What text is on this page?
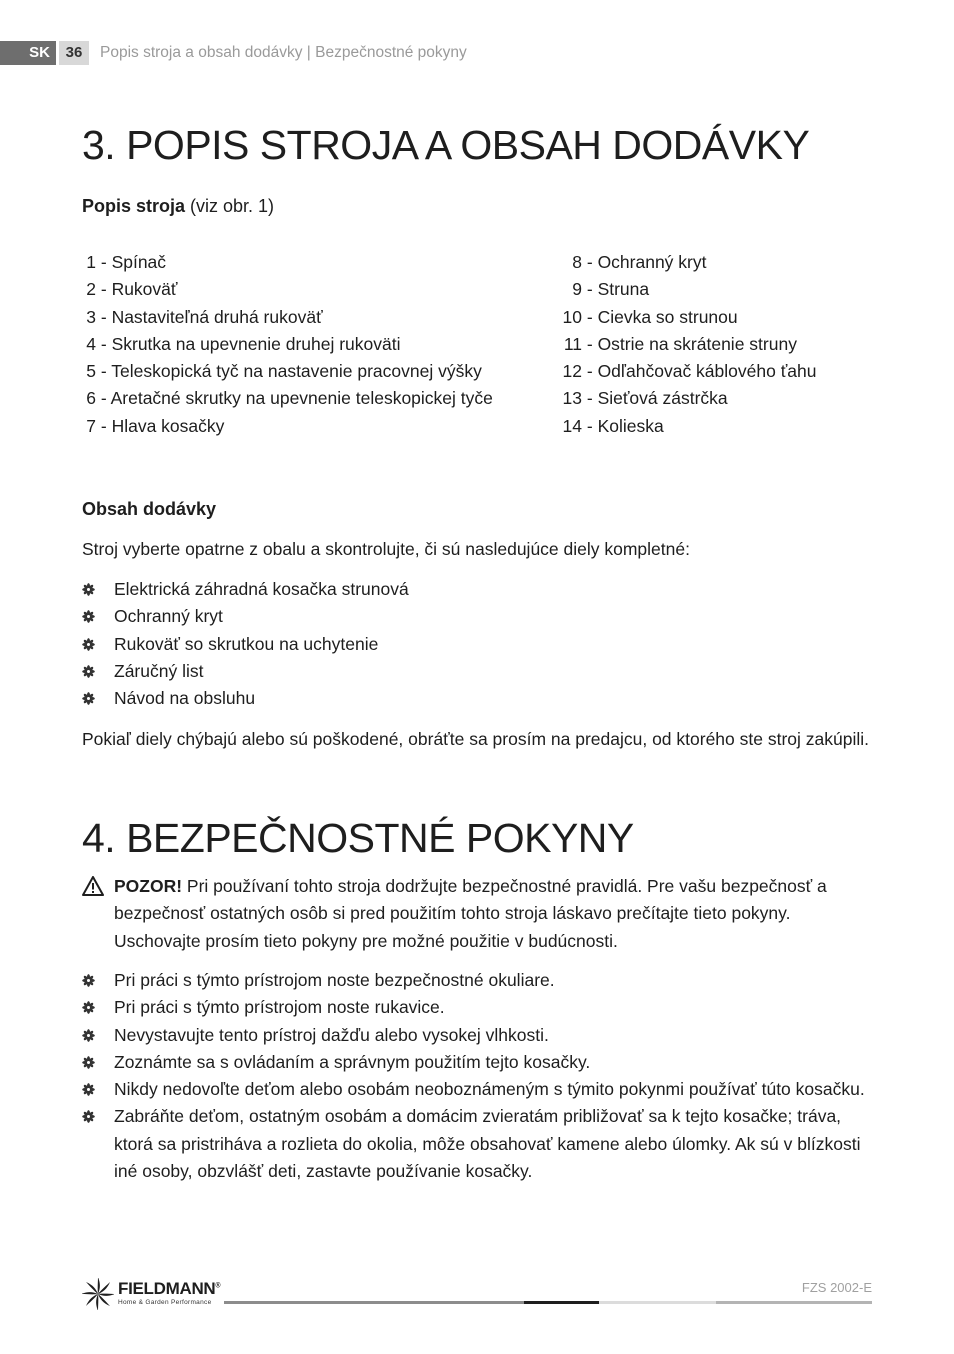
SK	36	Popis stroja a obsah dodávky | Bezpečnostné pokyny
3. POPIS STROJA A OBSAH DODÁVKY
Popis stroja (viz obr. 1)
1 - Spínač
2 - Rukoväť
3 - Nastaviteľná druhá rukoväť
4 - Skrutka na upevnenie druhej rukoväti
5 - Teleskopická tyč na nastavenie pracovnej výšky
6 - Aretačné skrutky na upevnenie teleskopickej tyče
7 - Hlava kosačky
8 - Ochranný kryt
9 - Struna
10 - Cievka so strunou
11 - Ostrie na skrátenie struny
12 - Odľahčovač káblového ťahu
13 - Sieťová zástrčka
14 - Kolieska
Obsah dodávky
Stroj vyberte opatrne z obalu a skontrolujte, či sú nasledujúce diely kompletné:
Elektrická záhradná kosačka strunová
Ochranný kryt
Rukoväť so skrutkou na uchytenie
Záručný list
Návod na obsluhu
Pokiaľ diely chýbajú alebo sú poškodené, obráťte sa prosím na predajcu, od ktorého ste stroj zakúpili.
4. BEZPEČNOSTNÉ POKYNY
POZOR! Pri používaní tohto stroja dodržujte bezpečnostné pravidlá. Pre vašu bezpečnosť a bezpečnosť ostatných osôb si pred použitím tohto stroja láskavo prečítajte tieto pokyny. Uschovajte prosím tieto pokyny pre možné použitie v budúcnosti.
Pri práci s týmto prístrojom noste bezpečnostné okuliare.
Pri práci s týmto prístrojom noste rukavice.
Nevystavujte tento prístroj dažďu alebo vysokej vlhkosti.
Zoznámte sa s ovládaním a správnym použitím tejto kosačky.
Nikdy nedovoľte deťom alebo osobám neoboznámeným s týmito pokynmi používať túto kosačku.
Zabráňte deťom, ostatným osobám a domácim zvieratám približovať sa k tejto kosačke; tráva, ktorá sa pristriháva a rozlieta do okolia, môže obsahovať kamene alebo úlomky. Ak sú v blízkosti iné osoby, obzvlášť deti, zastavte používanie kosačky.
FIELDMANN®
Home & Garden Performance
FZS 2002-E
